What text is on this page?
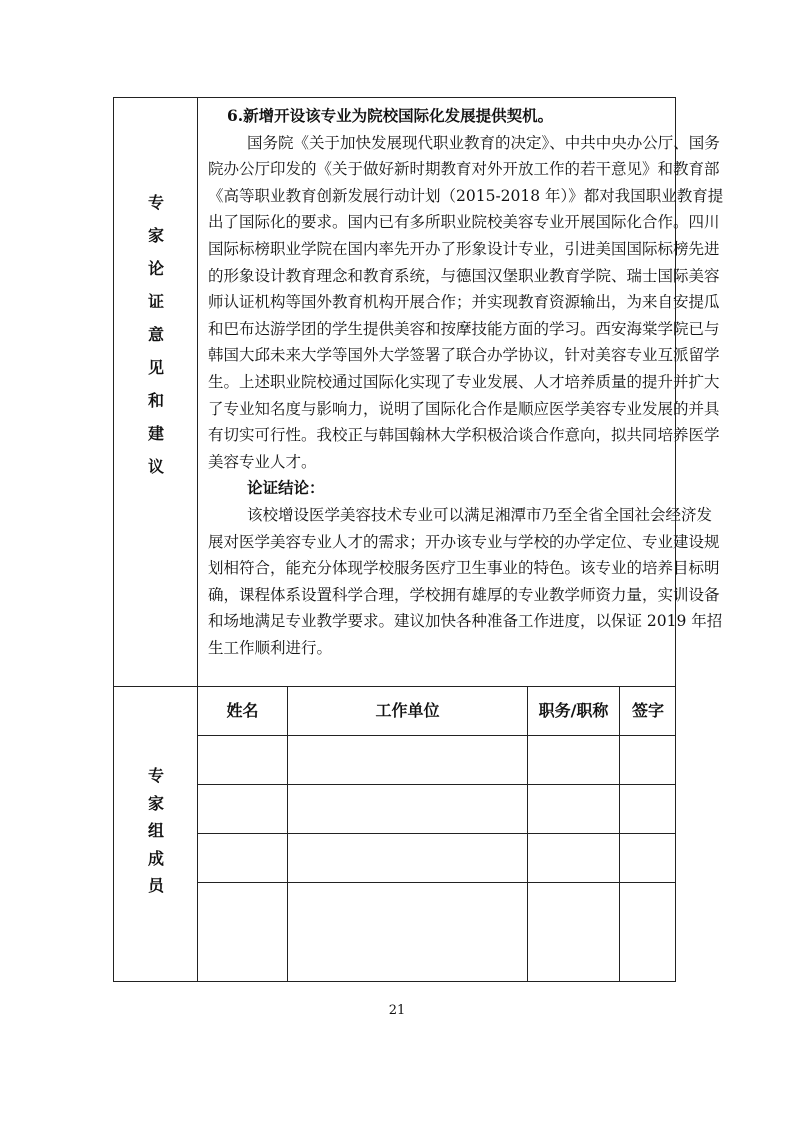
专
家
论
证
意
见
和
建
议
6.新增开设该专业为院校国际化发展提供契机。
国务院《关于加快发展现代职业教育的决定》、中共中央办公厅、国务
院办公厅印发的《关于做好新时期教育对外开放工作的若干意见》和教育部
《高等职业教育创新发展行动计划（2015-2018 年）》都对我国职业教育提
出了国际化的要求。国内已有多所职业院校美容专业开展国际化合作。四川
国际标榜职业学院在国内率先开办了形象设计专业，引进美国国际标榜先进
的形象设计教育理念和教育系统，与德国汉堡职业教育学院、瑞士国际美容
师认证机构等国外教育机构开展合作；并实现教育资源输出，为来自安提瓜
和巴布达游学团的学生提供美容和按摩技能方面的学习。西安海棠学院已与
韩国大邱未来大学等国外大学签署了联合办学协议，针对美容专业互派留学
生。上述职业院校通过国际化实现了专业发展、人才培养质量的提升并扩大
了专业知名度与影响力，说明了国际化合作是顺应医学美容专业发展的并具
有切实可行性。我校正与韩国翰林大学积极洽谈合作意向，拟共同培养医学
美容专业人才。
论证结论：
该校增设医学美容技术专业可以满足湘潭市乃至全省全国社会经济发
展对医学美容专业人才的需求；开办该专业与学校的办学定位、专业建设规
划相符合，能充分体现学校服务医疗卫生事业的特色。该专业的培养目标明
确，课程体系设置科学合理，学校拥有雄厚的专业教学师资力量，实训设备
和场地满足专业教学要求。建议加快各种准备工作进度，以保证 2019 年招
生工作顺利进行。
专
家
组
成
员
姓名	工作单位	职务/职称	签字
21
